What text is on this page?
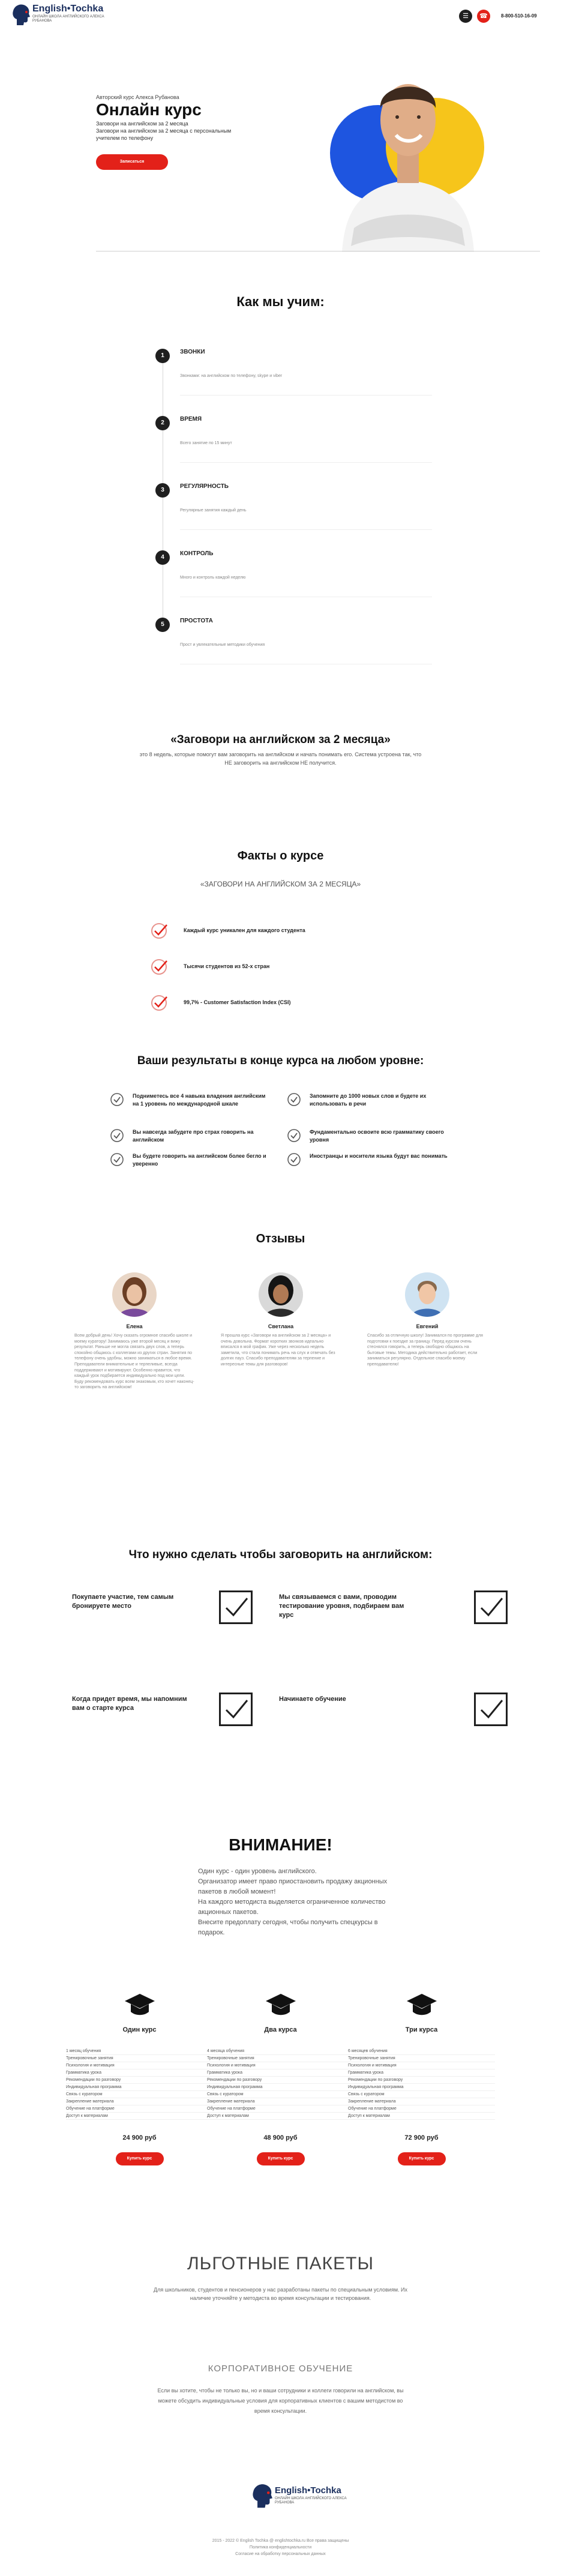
English•Tochka
ОНЛАЙН ШКОЛА АНГЛИЙСКОГО АЛЕКСА РУБАНОВА
☰	☎	8-800-510-16-09
Авторский курс Алекса Рубанова
Онлайн курс
Заговори на английском за 2 месяца
Заговори на английском за 2 месяца с персональным
учителем по телефону
Записаться
Как мы учим:
1
ЗВОНКИ
Звонками: на английском по телефону, skype и viber
2
ВРЕМЯ
Всего занятие по 15 минут
3
РЕГУЛЯРНОСТЬ
Регулярные занятия каждый день
4
КОНТРОЛЬ
Много и контроль каждой неделю
5
ПРОСТОТА
Прост и увлекательные методики обучения
«Заговори на английском за 2 месяца»
это 8 недель, которые помогут вам заговорить на английском и начать понимать его. Система устроена так, что НЕ заговорить на английском НЕ получится.
Факты о курсе
«ЗАГОВОРИ НА АНГЛИЙСКОМ ЗА 2 МЕСЯЦА»
Каждый курс уникален для каждого студента
Тысячи студентов из 52-х стран
99,7% - Customer Satisfaction Index (CSI)
Ваши результаты в конце курса на любом уровне:
Подниметесь все 4 навыка владения английским на 1 уровень по международной шкале
Вы навсегда забудете про страх говорить на английском
Вы будете говорить на английском более бегло и уверенно
Запомните до 1000 новых слов и будете их использовать в речи
Фундаментально освоите всю грамматику своего уровня
Иностранцы и носители языка будут вас понимать
Отзывы
Елена
Всем добрый день! Хочу сказать огромное спасибо школе и моему куратору! Занимаюсь уже второй месяц и вижу результат. Раньше не могла связать двух слов, а теперь спокойно общаюсь с коллегами из других стран. Занятия по телефону очень удобны, можно заниматься в любое время. Преподаватели внимательные и терпеливые, всегда поддерживают и мотивируют. Особенно нравится, что каждый урок подбирается индивидуально под мои цели. Буду рекомендовать курс всем знакомым, кто хочет наконец-то заговорить на английском!
Светлана
Я прошла курс «Заговори на английском за 2 месяца» и очень довольна. Формат коротких звонков идеально вписался в мой график. Уже через несколько недель заметила, что стала понимать речь на слух и отвечать без долгих пауз. Спасибо преподавателям за терпение и интересные темы для разговоров!
Евгений
Спасибо за отличную школу! Занимался по программе для подготовки к поездке за границу. Перед курсом очень стеснялся говорить, а теперь свободно общаюсь на бытовые темы. Методика действительно работает, если заниматься регулярно. Отдельное спасибо моему преподавателю!
Что нужно сделать чтобы заговорить на английском:
Покупаете участие, тем самым бронируете место
Мы связываемся с вами, проводим тестирование уровня, подбираем вам курс
Когда придет время, мы напомним вам о старте курса
Начинаете обучение
ВНИМАНИЕ!
Один курс - один уровень английского.
Организатор имеет право приостановить продажу акционных пакетов в любой момент!
На каждого методиста выделяется ограниченное количество акционных пакетов.
Внесите предоплату сегодня, чтобы получить спецкурсы в подарок.
Один курс
1 месяц обучения
Тренировочные занятия
Психология и мотивация
Грамматика урока
Рекомендации по разговору
Индивидуальная программа
Связь с куратором
Закрепление материала
Обучение на платформе
Доступ к материалам
24 900 руб
Купить курс
Два курса
4 месяца обучения
Тренировочные занятия
Психология и мотивация
Грамматика урока
Рекомендации по разговору
Индивидуальная программа
Связь с куратором
Закрепление материала
Обучение на платформе
Доступ к материалам
48 900 руб
Купить курс
Три курса
6 месяцев обучения
Тренировочные занятия
Психология и мотивация
Грамматика урока
Рекомендации по разговору
Индивидуальная программа
Связь с куратором
Закрепление материала
Обучение на платформе
Доступ к материалам
72 900 руб
Купить курс
ЛЬГОТНЫЕ ПАКЕТЫ
Для школьников, студентов и пенсионеров у нас разработаны пакеты по специальным условиям. Их наличие уточняйте у методиста во время консультации и тестирования.
КОРПОРАТИВНОЕ ОБУЧЕНИЕ
Если вы хотите, чтобы не только вы, но и ваши сотрудники и коллеги говорили на английском, вы можете обсудить индивидуальные условия для корпоративных клиентов с вашим методистом во время консультации.
English•Tochka
ОНЛАЙН ШКОЛА АНГЛИЙСКОГО АЛЕКСА РУБАНОВА
2015 - 2022 © English Tochka @ englishtochka.ru Все права защищены
Политика конфиденциальности
Согласие на обработку персональных данных
